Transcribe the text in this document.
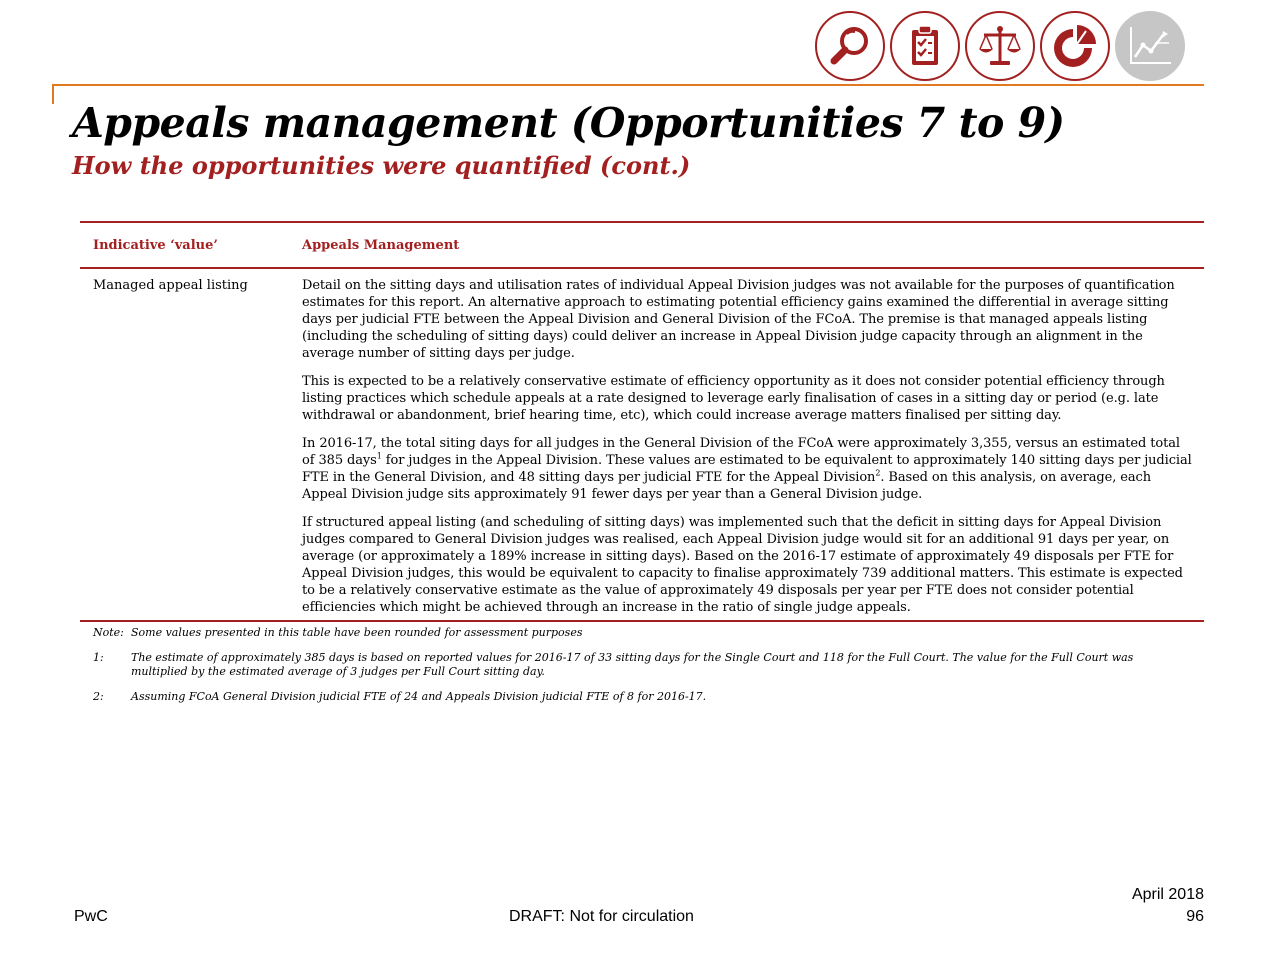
Appeals management (Opportunities 7 to 9)
How the opportunities were quantified (cont.)
Indicative ‘value’	Appeals Management
Managed appeal listing	Detail on the sitting days and utilisation rates of individual Appeal Division judges was not available for the purposes of quantification estimates for this report. An alternative approach to estimating potential efficiency gains examined the differential in average sitting days per judicial FTE between the Appeal Division and General Division of the FCoA. The premise is that managed appeals listing (including the scheduling of sitting days) could deliver an increase in Appeal Division judge capacity through an alignment in the average number of sitting days per judge.

This is expected to be a relatively conservative estimate of efficiency opportunity as it does not consider potential efficiency through listing practices which schedule appeals at a rate designed to leverage early finalisation of cases in a sitting day or period (e.g. late withdrawal or abandonment, brief hearing time, etc), which could increase average matters finalised per sitting day.

In 2016-17, the total siting days for all judges in the General Division of the FCoA were approximately 3,355, versus an estimated total of 385 days$^1$ for judges in the Appeal Division. These values are estimated to be equivalent to approximately 140 sitting days per judicial FTE in the General Division, and 48 sitting days per judicial FTE for the Appeal Division$^2$. Based on this analysis, on average, each Appeal Division judge sits approximately 91 fewer days per year than a General Division judge.

If structured appeal listing (and scheduling of sitting days) was implemented such that the deficit in sitting days for Appeal Division judges compared to General Division judges was realised, each Appeal Division judge would sit for an additional 91 days per year, on average (or approximately a 189% increase in sitting days). Based on the 2016-17 estimate of approximately 49 disposals per FTE for Appeal Division judges, this would be equivalent to capacity to finalise approximately 739 additional matters. This estimate is expected to be a relatively conservative estimate as the value of approximately 49 disposals per year per FTE does not consider potential efficiencies which might be achieved through an increase in the ratio of single judge appeals.

Note: Some values presented in this table have been rounded for assessment purposes
1:	The estimate of approximately 385 days is based on reported values for 2016-17 of 33 sitting days for the Single Court and 118 for the Full Court. The value for the Full Court was multiplied by the estimated average of 3 judges per Full Court sitting day.
2:	Assuming FCoA General Division judicial FTE of 24 and Appeals Division judicial FTE of 8 for 2016-17.
PwC	DRAFT: Not for circulation
April 2018
96
